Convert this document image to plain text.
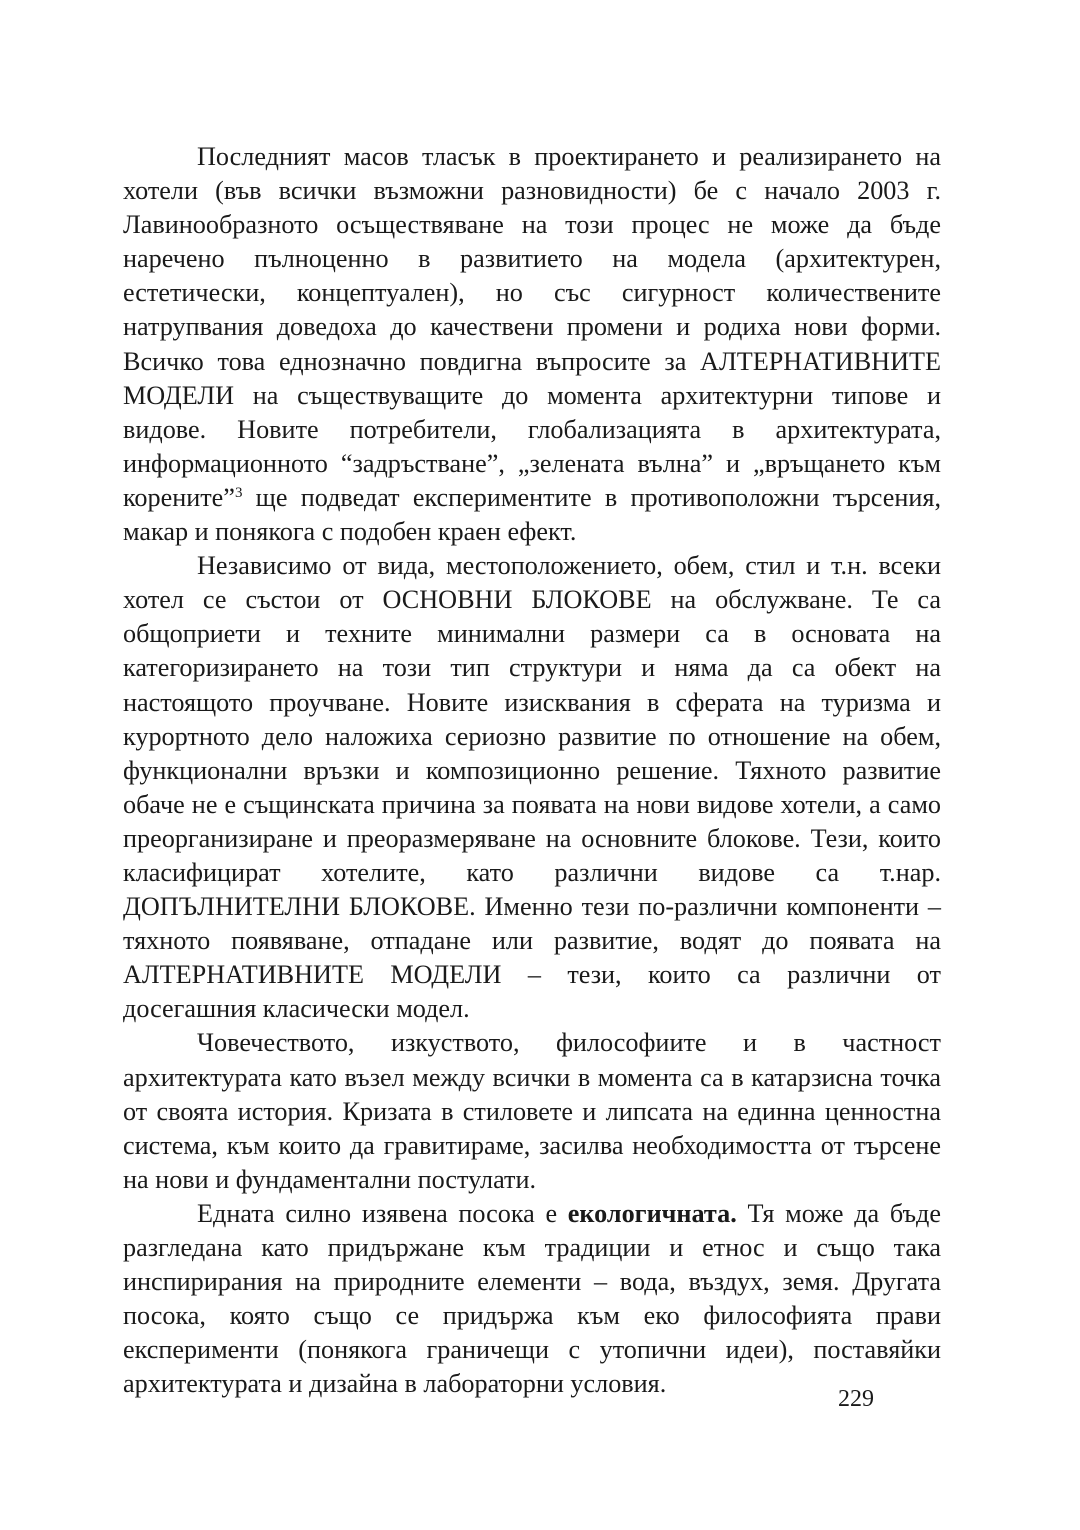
Последният масов тласък в проектирането и реализирането на хотели (във всички възможни разновидности) бе с начало 2003 г. Лавинообразното осъществяване на този процес не може да бъде наречено пълноценно в развитието на модела (архитектурен, естетически, концептуален), но със сигурност количествените натрупвания доведоха до качествени промени и родиха нови форми. Всичко това еднозначно повдигна въпросите за АЛТЕРНАТИВНИТЕ МОДЕЛИ на съществуващите до момента архитектурни типове и видове. Новите потребители, глобализацията в архитектурата, информационното “задръстване”, „зелената вълна” и „връщането към корените”$^3$ ще подведат експериментите в противоположни търсения, макар и понякога с подобен краен ефект.

Независимо от вида, местоположението, обем, стил и т.н. всеки хотел се състои от ОСНОВНИ БЛОКОВЕ на обслужване. Те са общоприети и техните минимални размери са в основата на категоризирането на този тип структури и няма да са обект на настоящото проучване. Новите изисквания в сферата на туризма и курортното дело наложиха сериозно развитие по отношение на обем, функционални връзки и композиционно решение. Тяхното развитие обаче не е същинската причина за появата на нови видове хотели, а само преорганизиране и преоразмеряване на основните блокове. Тези, които класифицират хотелите, като различни видове са т.нар. ДОПЪЛНИТЕЛНИ БЛОКОВЕ. Именно тези по-различни компоненти – тяхното появяване, отпадане или развитие, водят до появата на АЛТЕРНАТИВНИТЕ МОДЕЛИ – тези, които са различни от досегашния класически модел.

Човечеството, изкуството, философиите и в частност архитектурата като възел между всички в момента са в катарзисна точка от своята история. Кризата в стиловете и липсата на единна ценностна система, към които да гравитираме, засилва необходимостта от търсене на нови и фундаментални постулати.

Едната силно изявена посока е екологичната. Тя може да бъде разгледана като придържане към традиции и етнос и също така инспирирания на природните елементи – вода, въздух, земя. Другата посока, която също се придържа към еко философията прави експерименти (понякога граничещи с утопични идеи), поставяйки архитектурата и дизайна в лабораторни условия.

229
